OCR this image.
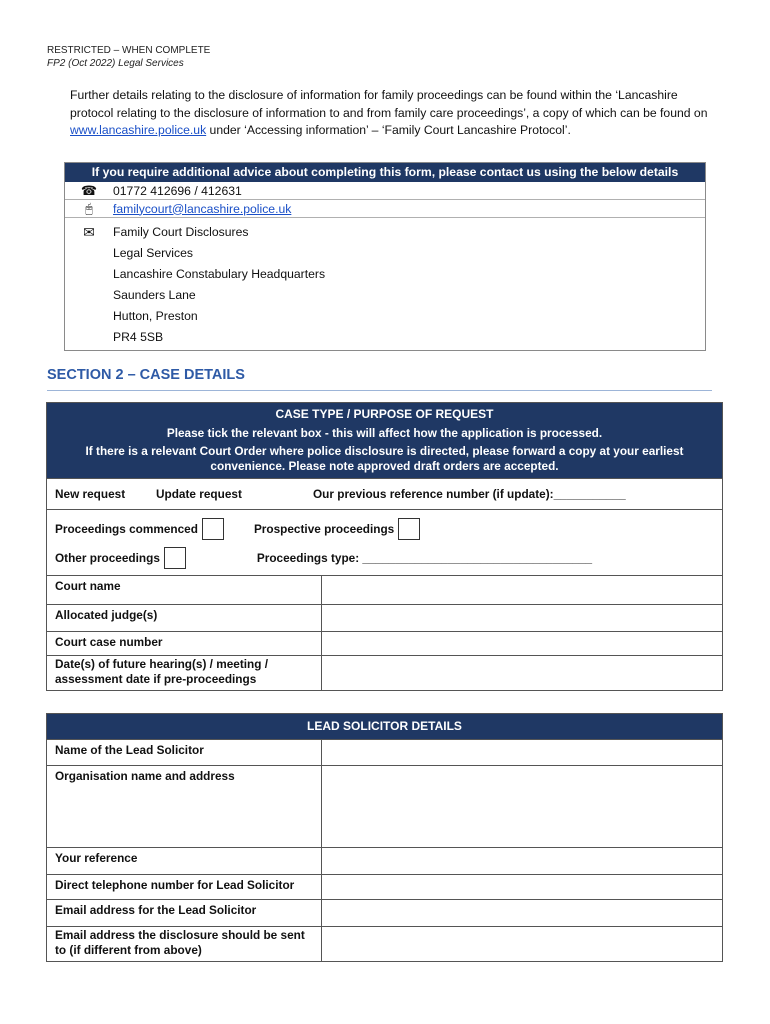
RESTRICTED – WHEN COMPLETE
FP2 (Oct 2022) Legal Services
Further details relating to the disclosure of information for family proceedings can be found within the ‘Lancashire protocol relating to the disclosure of information to and from family care proceedings’, a copy of which can be found on www.lancashire.police.uk under ‘Accessing information’ – ‘Family Court Lancashire Protocol’.
If you require additional advice about completing this form, please contact us using the below details
☎	01772 412696 / 412631
🖰	familycourt@lancashire.police.uk
✉	Family Court Disclosures
Legal Services
Lancashire Constabulary Headquarters
Saunders Lane
Hutton, Preston
PR4 5SB
SECTION 2 – CASE DETAILS
CASE TYPE / PURPOSE OF REQUEST
Please tick the relevant box - this will affect how the application is processed.
If there is a relevant Court Order where police disclosure is directed, please forward a copy at your earliest convenience. Please note approved draft orders are accepted.
New request	Update request	Our previous reference number (if update):___________
Proceedings commenced	Prospective proceedings
Other proceedings	Proceedings type: ___________________________________
Court name
Allocated judge(s)
Court case number
Date(s) of future hearing(s) / meeting / assessment date if pre-proceedings
LEAD SOLICITOR DETAILS
Name of the Lead Solicitor
Organisation name and address
Your reference
Direct telephone number for Lead Solicitor
Email address for the Lead Solicitor
Email address the disclosure should be sent to (if different from above)
